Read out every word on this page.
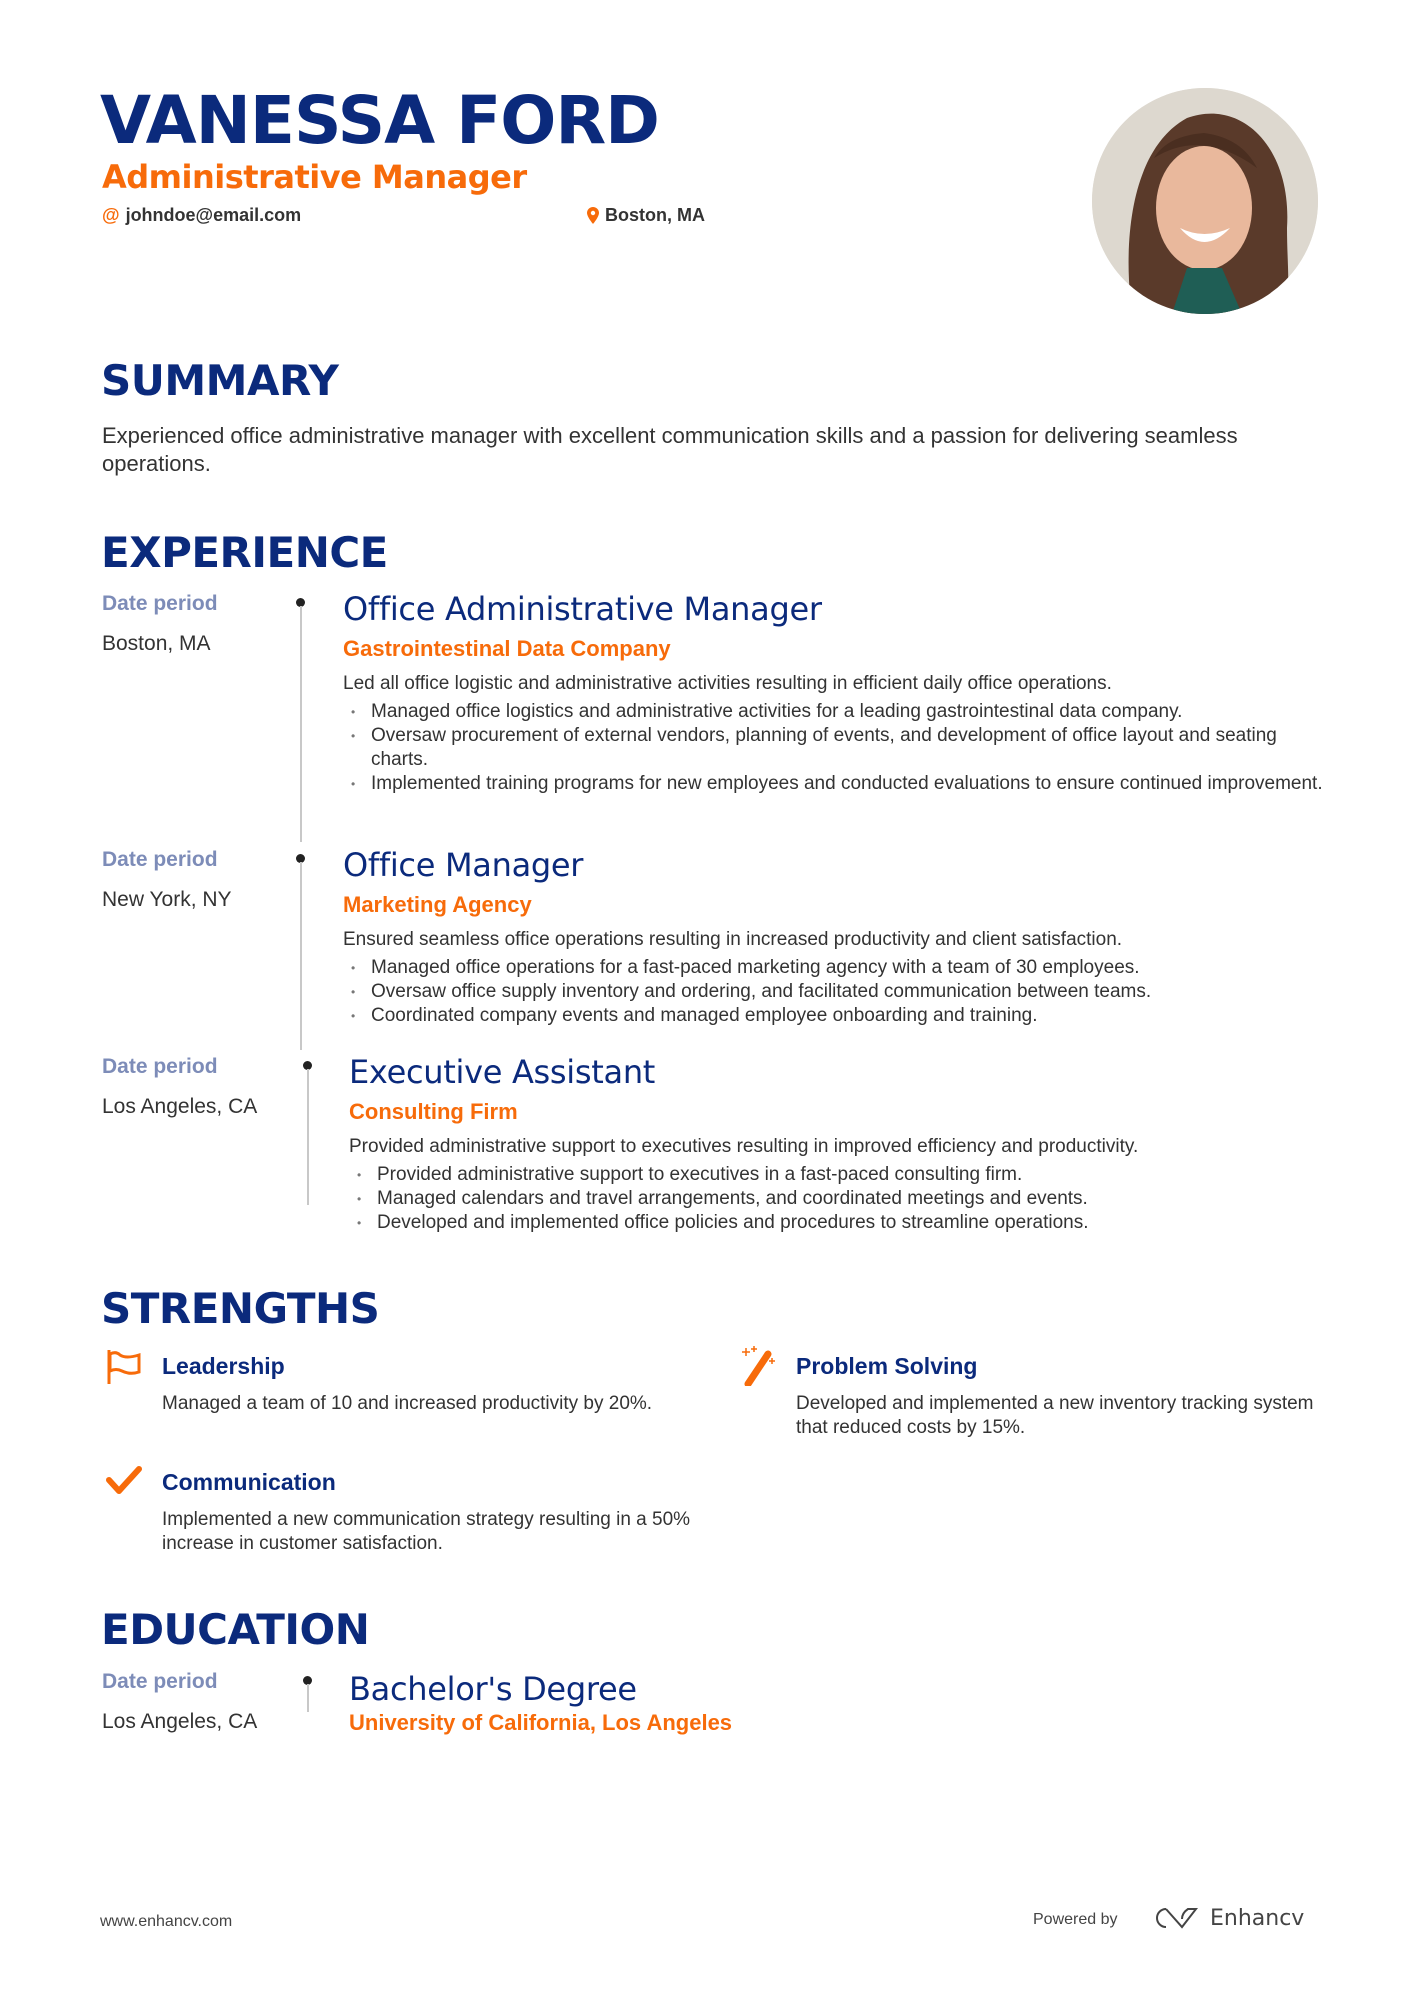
VANESSA FORD
Administrative Manager
@ johndoe@email.com	Boston, MA
SUMMARY
Experienced office administrative manager with excellent communication skills and a passion for delivering seamless operations.
EXPERIENCE
Date period
Boston, MA
Office Administrative Manager
Gastrointestinal Data Company
Led all office logistic and administrative activities resulting in efficient daily office operations.
• Managed office logistics and administrative activities for a leading gastrointestinal data company.
• Oversaw procurement of external vendors, planning of events, and development of office layout and seating charts.
• Implemented training programs for new employees and conducted evaluations to ensure continued improvement.
Date period
New York, NY
Office Manager
Marketing Agency
Ensured seamless office operations resulting in increased productivity and client satisfaction.
• Managed office operations for a fast-paced marketing agency with a team of 30 employees.
• Oversaw office supply inventory and ordering, and facilitated communication between teams.
• Coordinated company events and managed employee onboarding and training.
Date period
Los Angeles, CA
Executive Assistant
Consulting Firm
Provided administrative support to executives resulting in improved efficiency and productivity.
• Provided administrative support to executives in a fast-paced consulting firm.
• Managed calendars and travel arrangements, and coordinated meetings and events.
• Developed and implemented office policies and procedures to streamline operations.
STRENGTHS
Leadership
Managed a team of 10 and increased productivity by 20%.
Problem Solving
Developed and implemented a new inventory tracking system that reduced costs by 15%.
Communication
Implemented a new communication strategy resulting in a 50% increase in customer satisfaction.
EDUCATION
Date period
Los Angeles, CA
Bachelor's Degree
University of California, Los Angeles
www.enhancv.com	Powered by	Enhancv
